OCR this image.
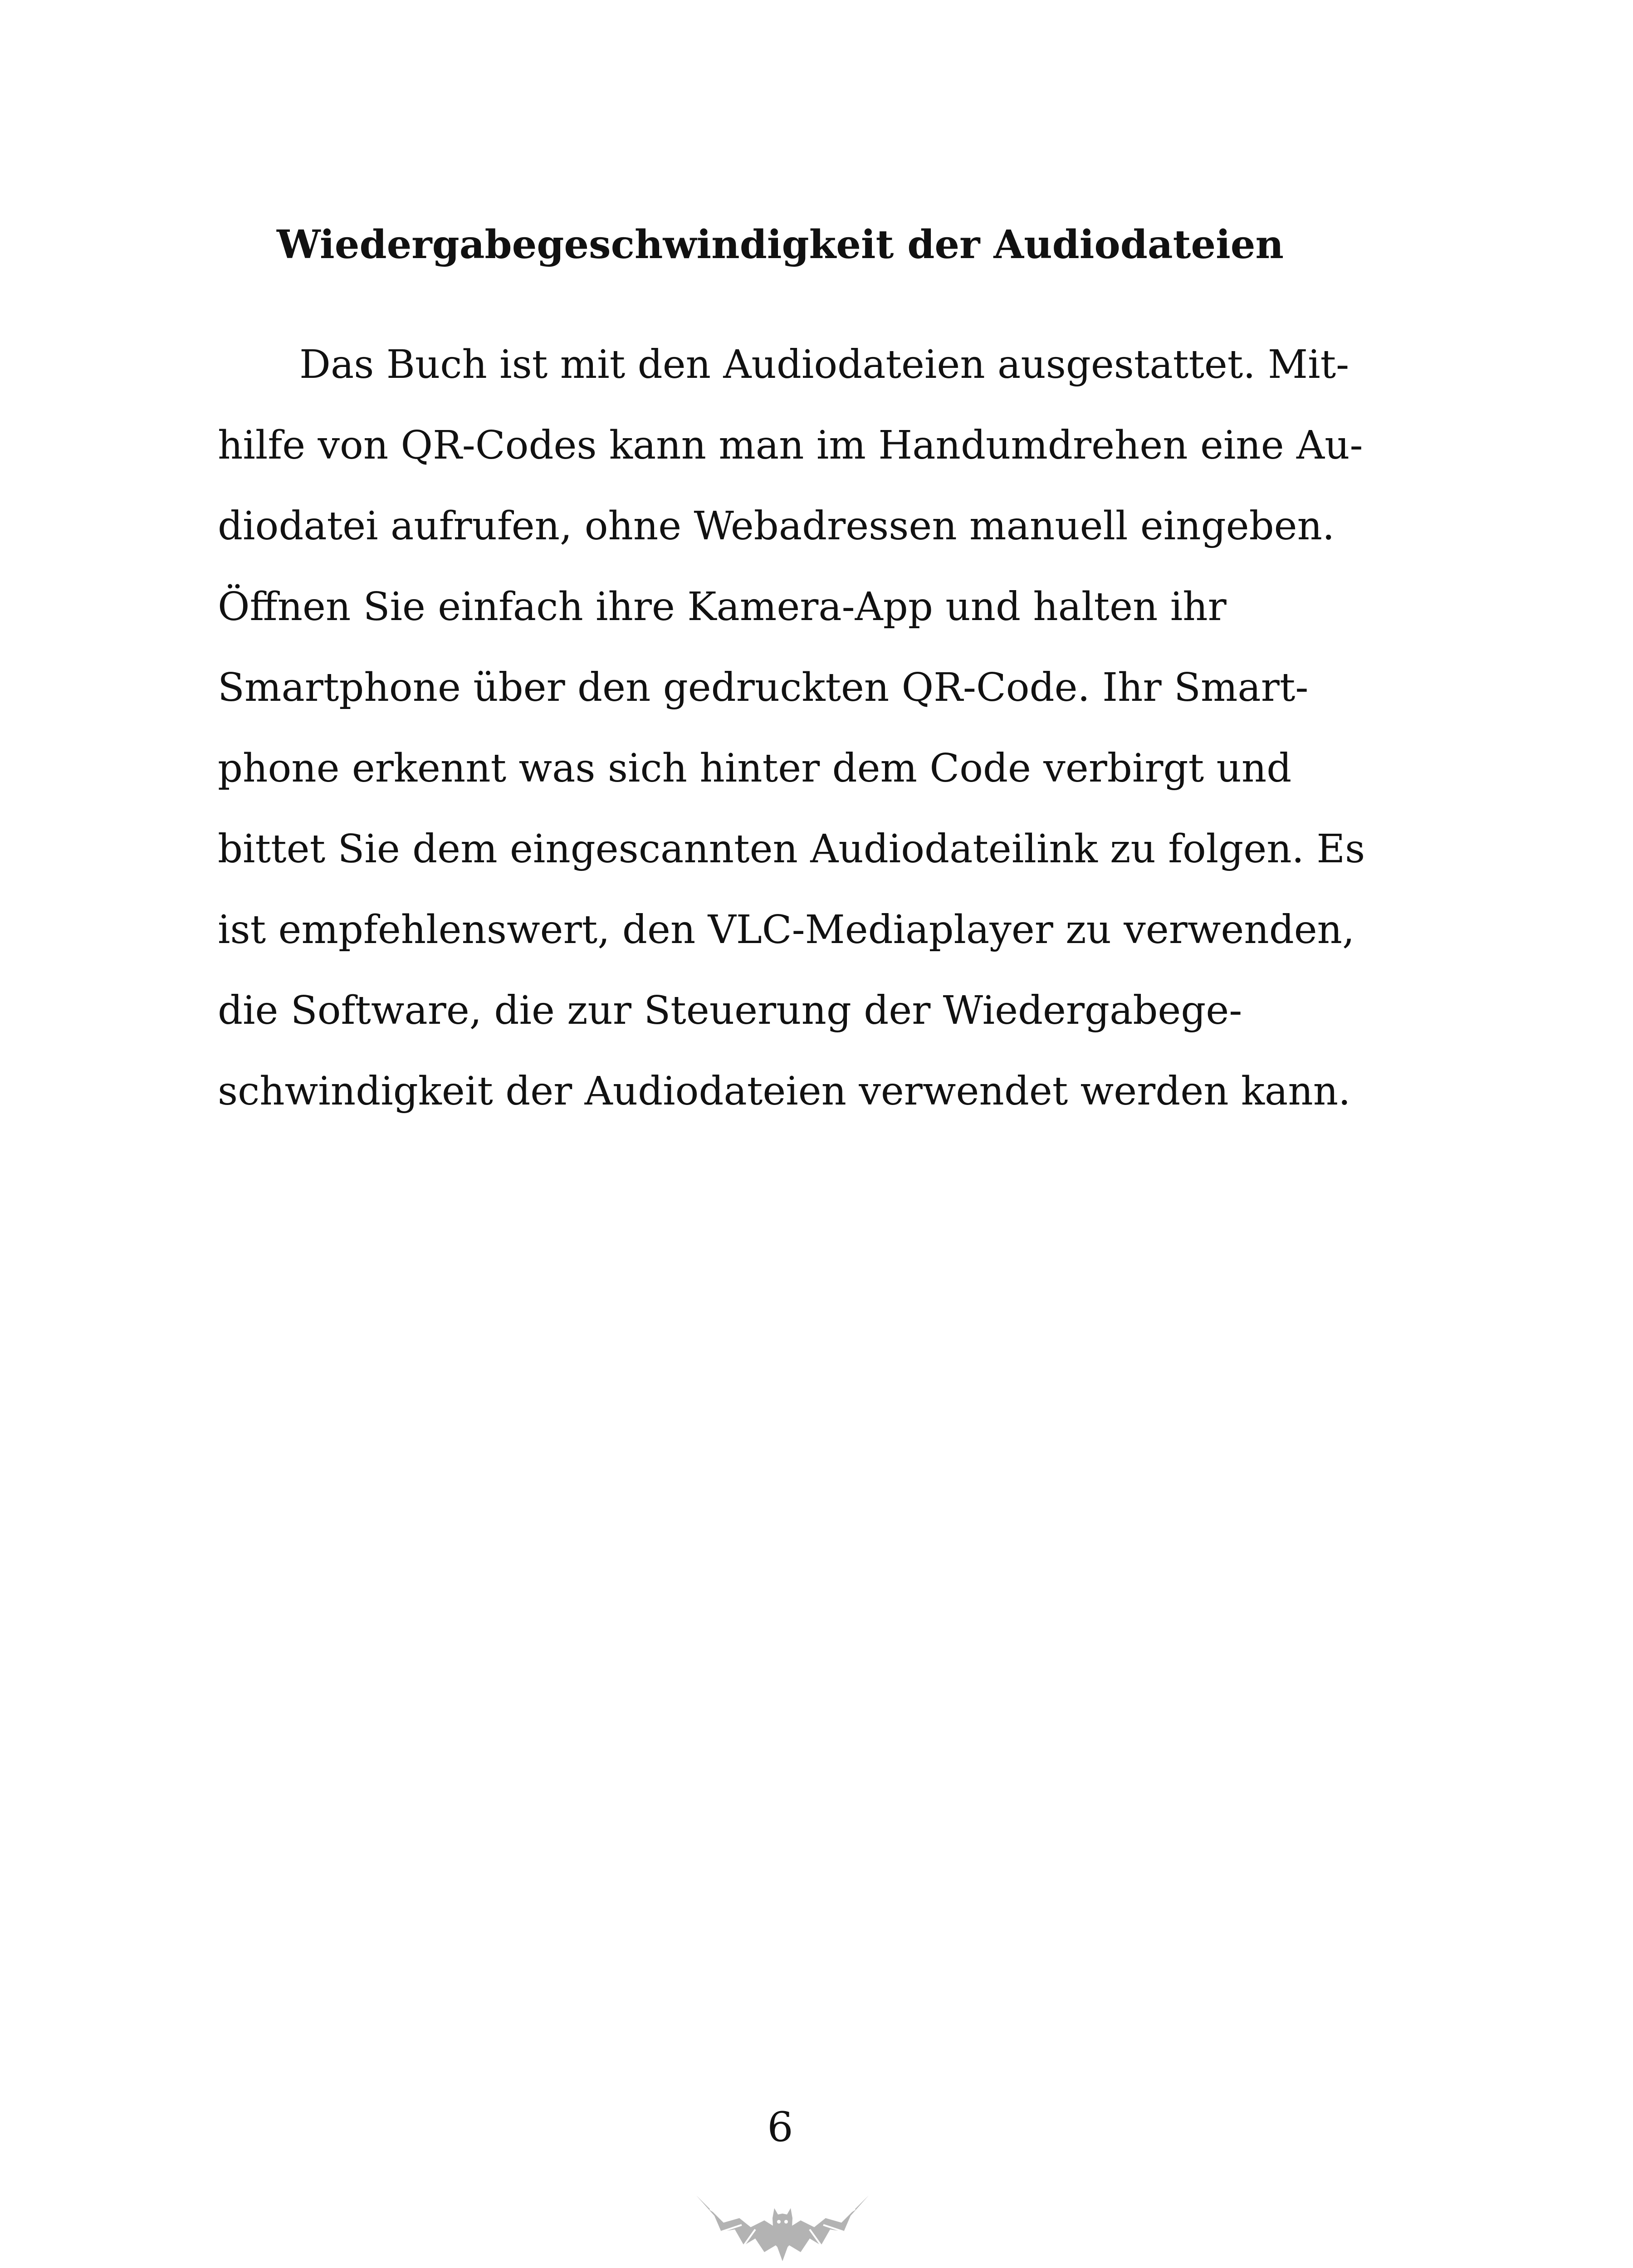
Wiedergabegeschwindigkeit der Audiodateien
Das Buch ist mit den Audiodateien ausgestattet. Mit-
hilfe von QR-Codes kann man im Handumdrehen eine Au-
diodatei aufrufen, ohne Webadressen manuell eingeben.
Öffnen Sie einfach ihre Kamera-App und halten ihr
Smartphone über den gedruckten QR-Code. Ihr Smart-
phone erkennt was sich hinter dem Code verbirgt und
bittet Sie dem eingescannten Audiodateilink zu folgen. Es
ist empfehlenswert, den VLC-Mediaplayer zu verwenden,
die Software, die zur Steuerung der Wiedergabege-
schwindigkeit der Audiodateien verwendet werden kann.
6
